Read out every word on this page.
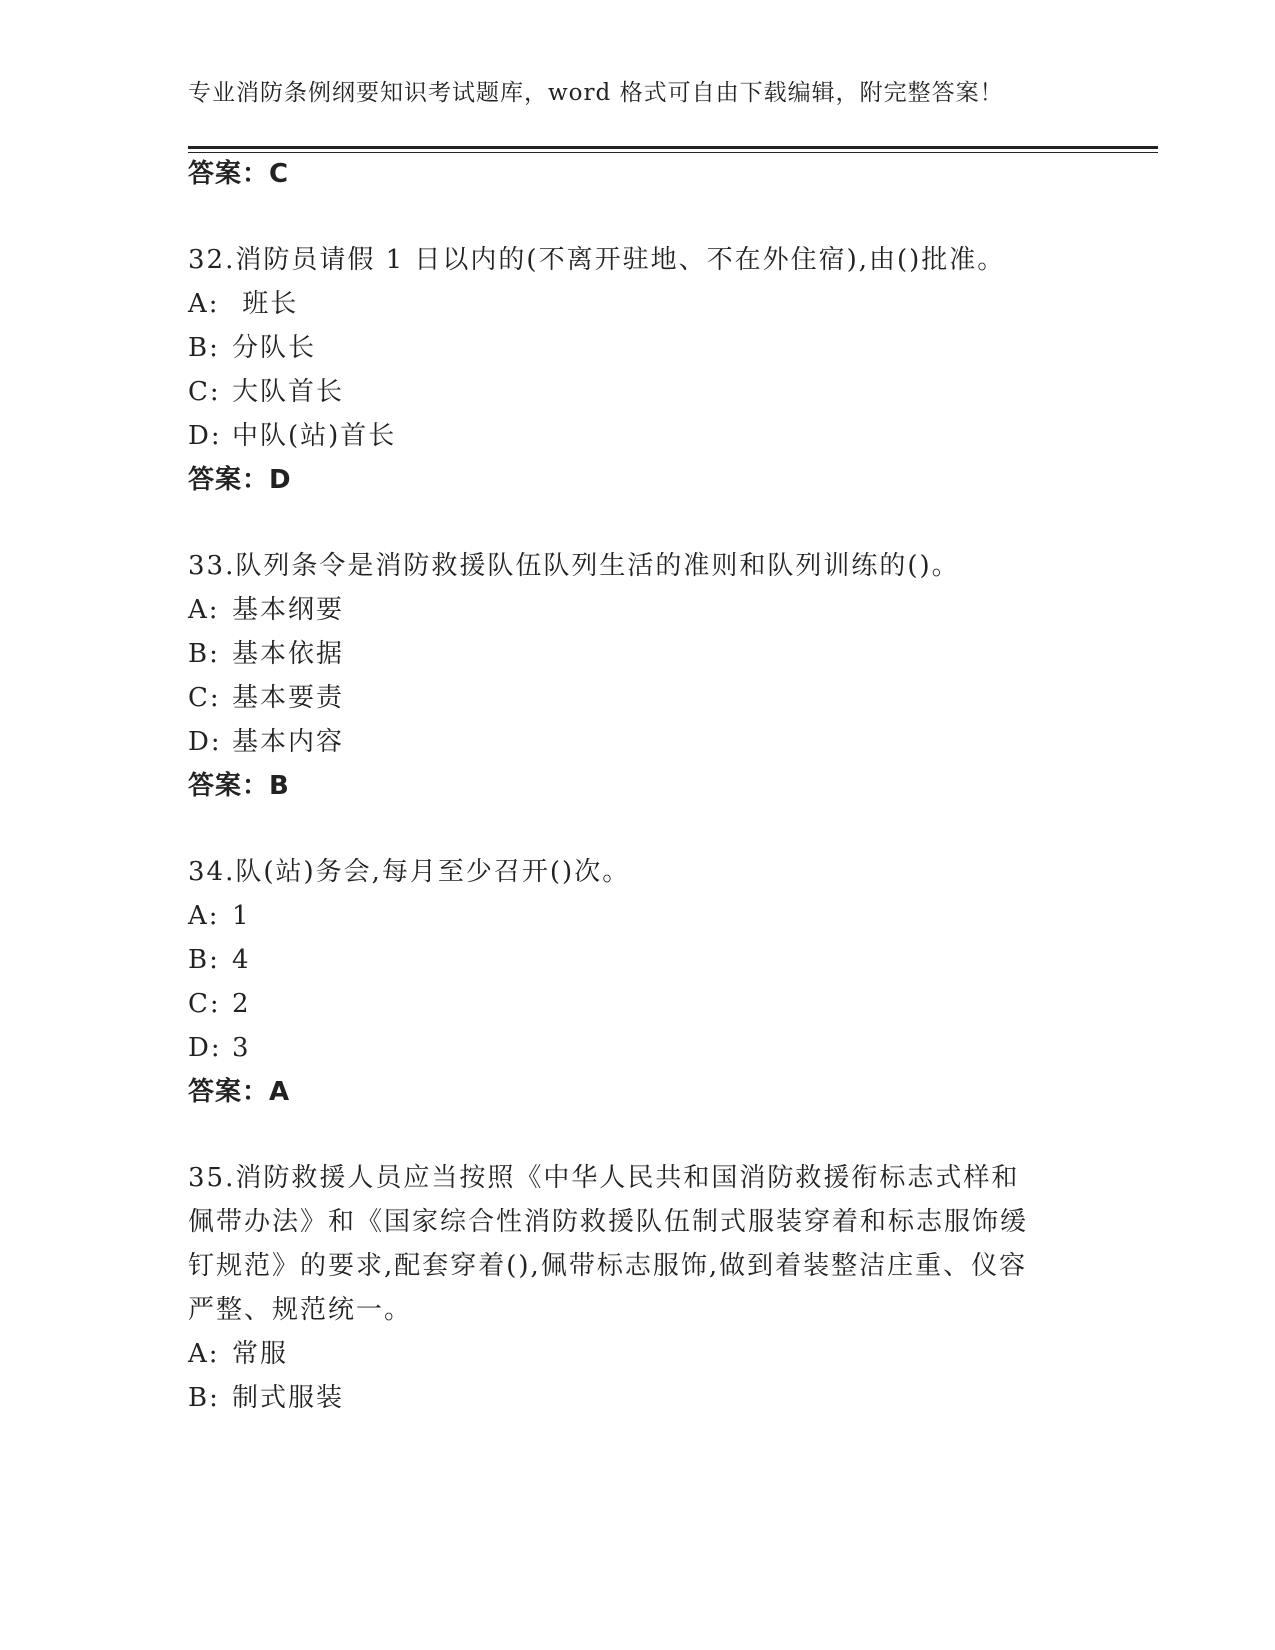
专业消防条例纲要知识考试题库，word 格式可自由下载编辑，附完整答案！
答案：C
32.消防员请假 1 日以内的(不离开驻地、不在外住宿),由()批准。
A: 班长
B: 分队长
C: 大队首长
D: 中队(站)首长
答案：D
33.队列条令是消防救援队伍队列生活的准则和队列训练的()。
A: 基本纲要
B: 基本依据
C: 基本要责
D: 基本内容
答案：B
34.队(站)务会,每月至少召开()次。
A: 1
B: 4
C: 2
D: 3
答案：A
35.消防救援人员应当按照《中华人民共和国消防救援衔标志式样和
佩带办法》和《国家综合性消防救援队伍制式服装穿着和标志服饰缓
钉规范》的要求,配套穿着(),佩带标志服饰,做到着装整洁庄重、仪容
严整、规范统一。
A: 常服
B: 制式服装
